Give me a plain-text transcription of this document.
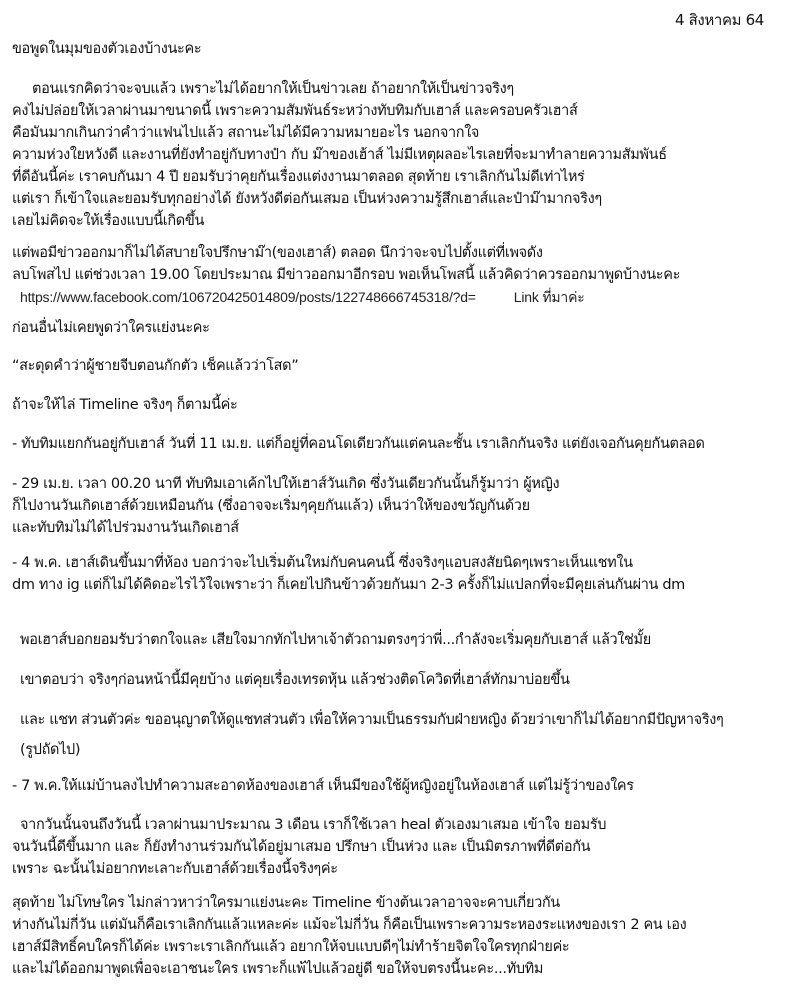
4 สิงหาคม 64
ขอพูดในมุมของตัวเองบ้างนะคะ
ตอนแรกคิดว่าจะจบแล้ว เพราะไม่ได้อยากให้เป็นข่าวเลย ถ้าอยากให้เป็นข่าวจริงๆ
คงไม่ปล่อยให้เวลาผ่านมาขนาดนี้ เพราะความสัมพันธ์ระหว่างทับทิมกับเฮาส์ และครอบครัวเฮาส์
คือมันมากเกินกว่าคำว่าแฟนไปแล้ว สถานะไม่ได้มีความหมายอะไร นอกจากใจ
ความห่วงใยหวังดี และงานที่ยังทำอยู่กับทางป๋า กับ ม๊าของเฮ้าส์ ไม่มีเหตุผลอะไรเลยที่จะมาทำลายความสัมพันธ์
ที่ดีอันนี้ค่ะ เราคบกันมา 4 ปี ยอมรับว่าคุยกันเรื่องแต่งงานมาตลอด สุดท้าย เราเลิกกันไม่ดีเท่าไหร่
แต่เรา ก็เข้าใจและยอมรับทุกอย่างได้ ยังหวังดีต่อกันเสมอ เป็นห่วงความรู้สึกเฮาส์และป๋าม๊ามากจริงๆ
เลยไม่คิดจะให้เรื่องแบบนี้เกิดขึ้น
แต่พอมีข่าวออกมาก็ไม่ได้สบายใจปรึกษาม๊า(ของเฮาส์) ตลอด นึกว่าจะจบไปตั้งแต่ที่เพจดัง
ลบโพสไป แต่ช่วงเวลา 19.00 โดยประมาณ มีข่าวออกมาอีกรอบ พอเห็นโพสนี้ แล้วคิดว่าควรออกมาพูดบ้างนะคะ
https://www.facebook.com/106720425014809/posts/122748666745318/?d=	Link ที่มาค่ะ
ก่อนอื่นไม่เคยพูดว่าใครแย่งนะคะ
“สะดุดคำว่าผู้ชายจีบตอนกักตัว เช็คแล้วว่าโสด”
ถ้าจะให้ไล่ Timeline จริงๆ ก็ตามนี้ค่ะ
- ทับทิมแยกกันอยู่กับเฮาส์ วันที่ 11 เม.ย. แต่ก็อยู่ที่คอนโดเดียวกันแต่คนละชั้น เราเลิกกันจริง แต่ยังเจอกันคุยกันตลอด
- 29 เม.ย. เวลา 00.20 นาที ทับทิมเอาเค้กไปให้เฮาส์วันเกิด ซึ่งวันเดียวกันนั้นก็รู้มาว่า ผู้หญิง
ก็ไปงานวันเกิดเฮาส์ด้วยเหมือนกัน (ซึ่งอาจจะเริ่มๆคุยกันแล้ว) เห็นว่าให้ของขวัญกันด้วย
และทับทิมไม่ได้ไปร่วมงานวันเกิดเฮาส์
- 4 พ.ค. เฮาส์เดินขึ้นมาที่ห้อง บอกว่าจะไปเริ่มต้นใหม่กับคนคนนี้ ซึ่งจริงๆแอบสงสัยนิดๆเพราะเห็นแชทใน
dm ทาง ig แต่ก็ไม่ได้คิดอะไรไว้ใจเพราะว่า ก็เคยไปกินข้าวด้วยกันมา 2-3 ครั้งก็ไม่แปลกที่จะมีคุยเล่นกันผ่าน dm
พอเฮาส์บอกยอมรับว่าตกใจและ เสียใจมากทักไปหาเจ้าตัวถามตรงๆว่าพี่...กำลังจะเริ่มคุยกับเฮาส์ แล้วใช่มั้ย
เขาตอบว่า จริงๆก่อนหน้านี้มีคุยบ้าง แต่คุยเรื่องเทรดหุ้น แล้วช่วงติดโควิดที่เฮาส์ทักมาบ่อยขึ้น
และ แชท ส่วนตัวค่ะ ขออนุญาตให้ดูแชทส่วนตัว เพื่อให้ความเป็นธรรมกับฝ่ายหญิง ด้วยว่าเขาก็ไม่ได้อยากมีปัญหาจริงๆ
(รูปถัดไป)
- 7 พ.ค.ให้แม่บ้านลงไปทำความสะอาดห้องของเฮาส์ เห็นมีของใช้ผู้หญิงอยู่ในห้องเฮาส์ แต่ไม่รู้ว่าของใคร
จากวันนั้นจนถึงวันนี้ เวลาผ่านมาประมาณ 3 เดือน เราก็ใช้เวลา heal ตัวเองมาเสมอ เข้าใจ ยอมรับ
จนวันนี้ดีขึ้นมาก และ ก็ยังทำงานร่วมกันได้อยู่มาเสมอ ปรึกษา เป็นห่วง และ เป็นมิตรภาพที่ดีต่อกัน
เพราะ ฉะนั้นไม่อยากทะเลาะกับเฮาส์ด้วยเรื่องนี้จริงๆค่ะ
สุดท้าย ไม่โทษใคร ไม่กล่าวหาว่าใครมาแย่งนะคะ Timeline ข้างต้นเวลาอาจจะคาบเกี่ยวกัน
ห่างกันไม่กี่วัน แต่มันก็คือเราเลิกกันแล้วแหละค่ะ แม้จะไม่กี่วัน ก็คือเป็นเพราะความระหองระแหงของเรา 2 คน เอง
เฮาส์มีสิทธิ์คบใครก็ได้ค่ะ เพราะเราเลิกกันแล้ว อยากให้จบแบบดีๆไม่ทำร้ายจิตใจใครทุกฝ่ายค่ะ
และไม่ได้ออกมาพูดเพื่อจะเอาชนะใคร เพราะก็แพ้ไปแล้วอยู่ดี ขอให้จบตรงนี้นะคะ...ทับทิม
